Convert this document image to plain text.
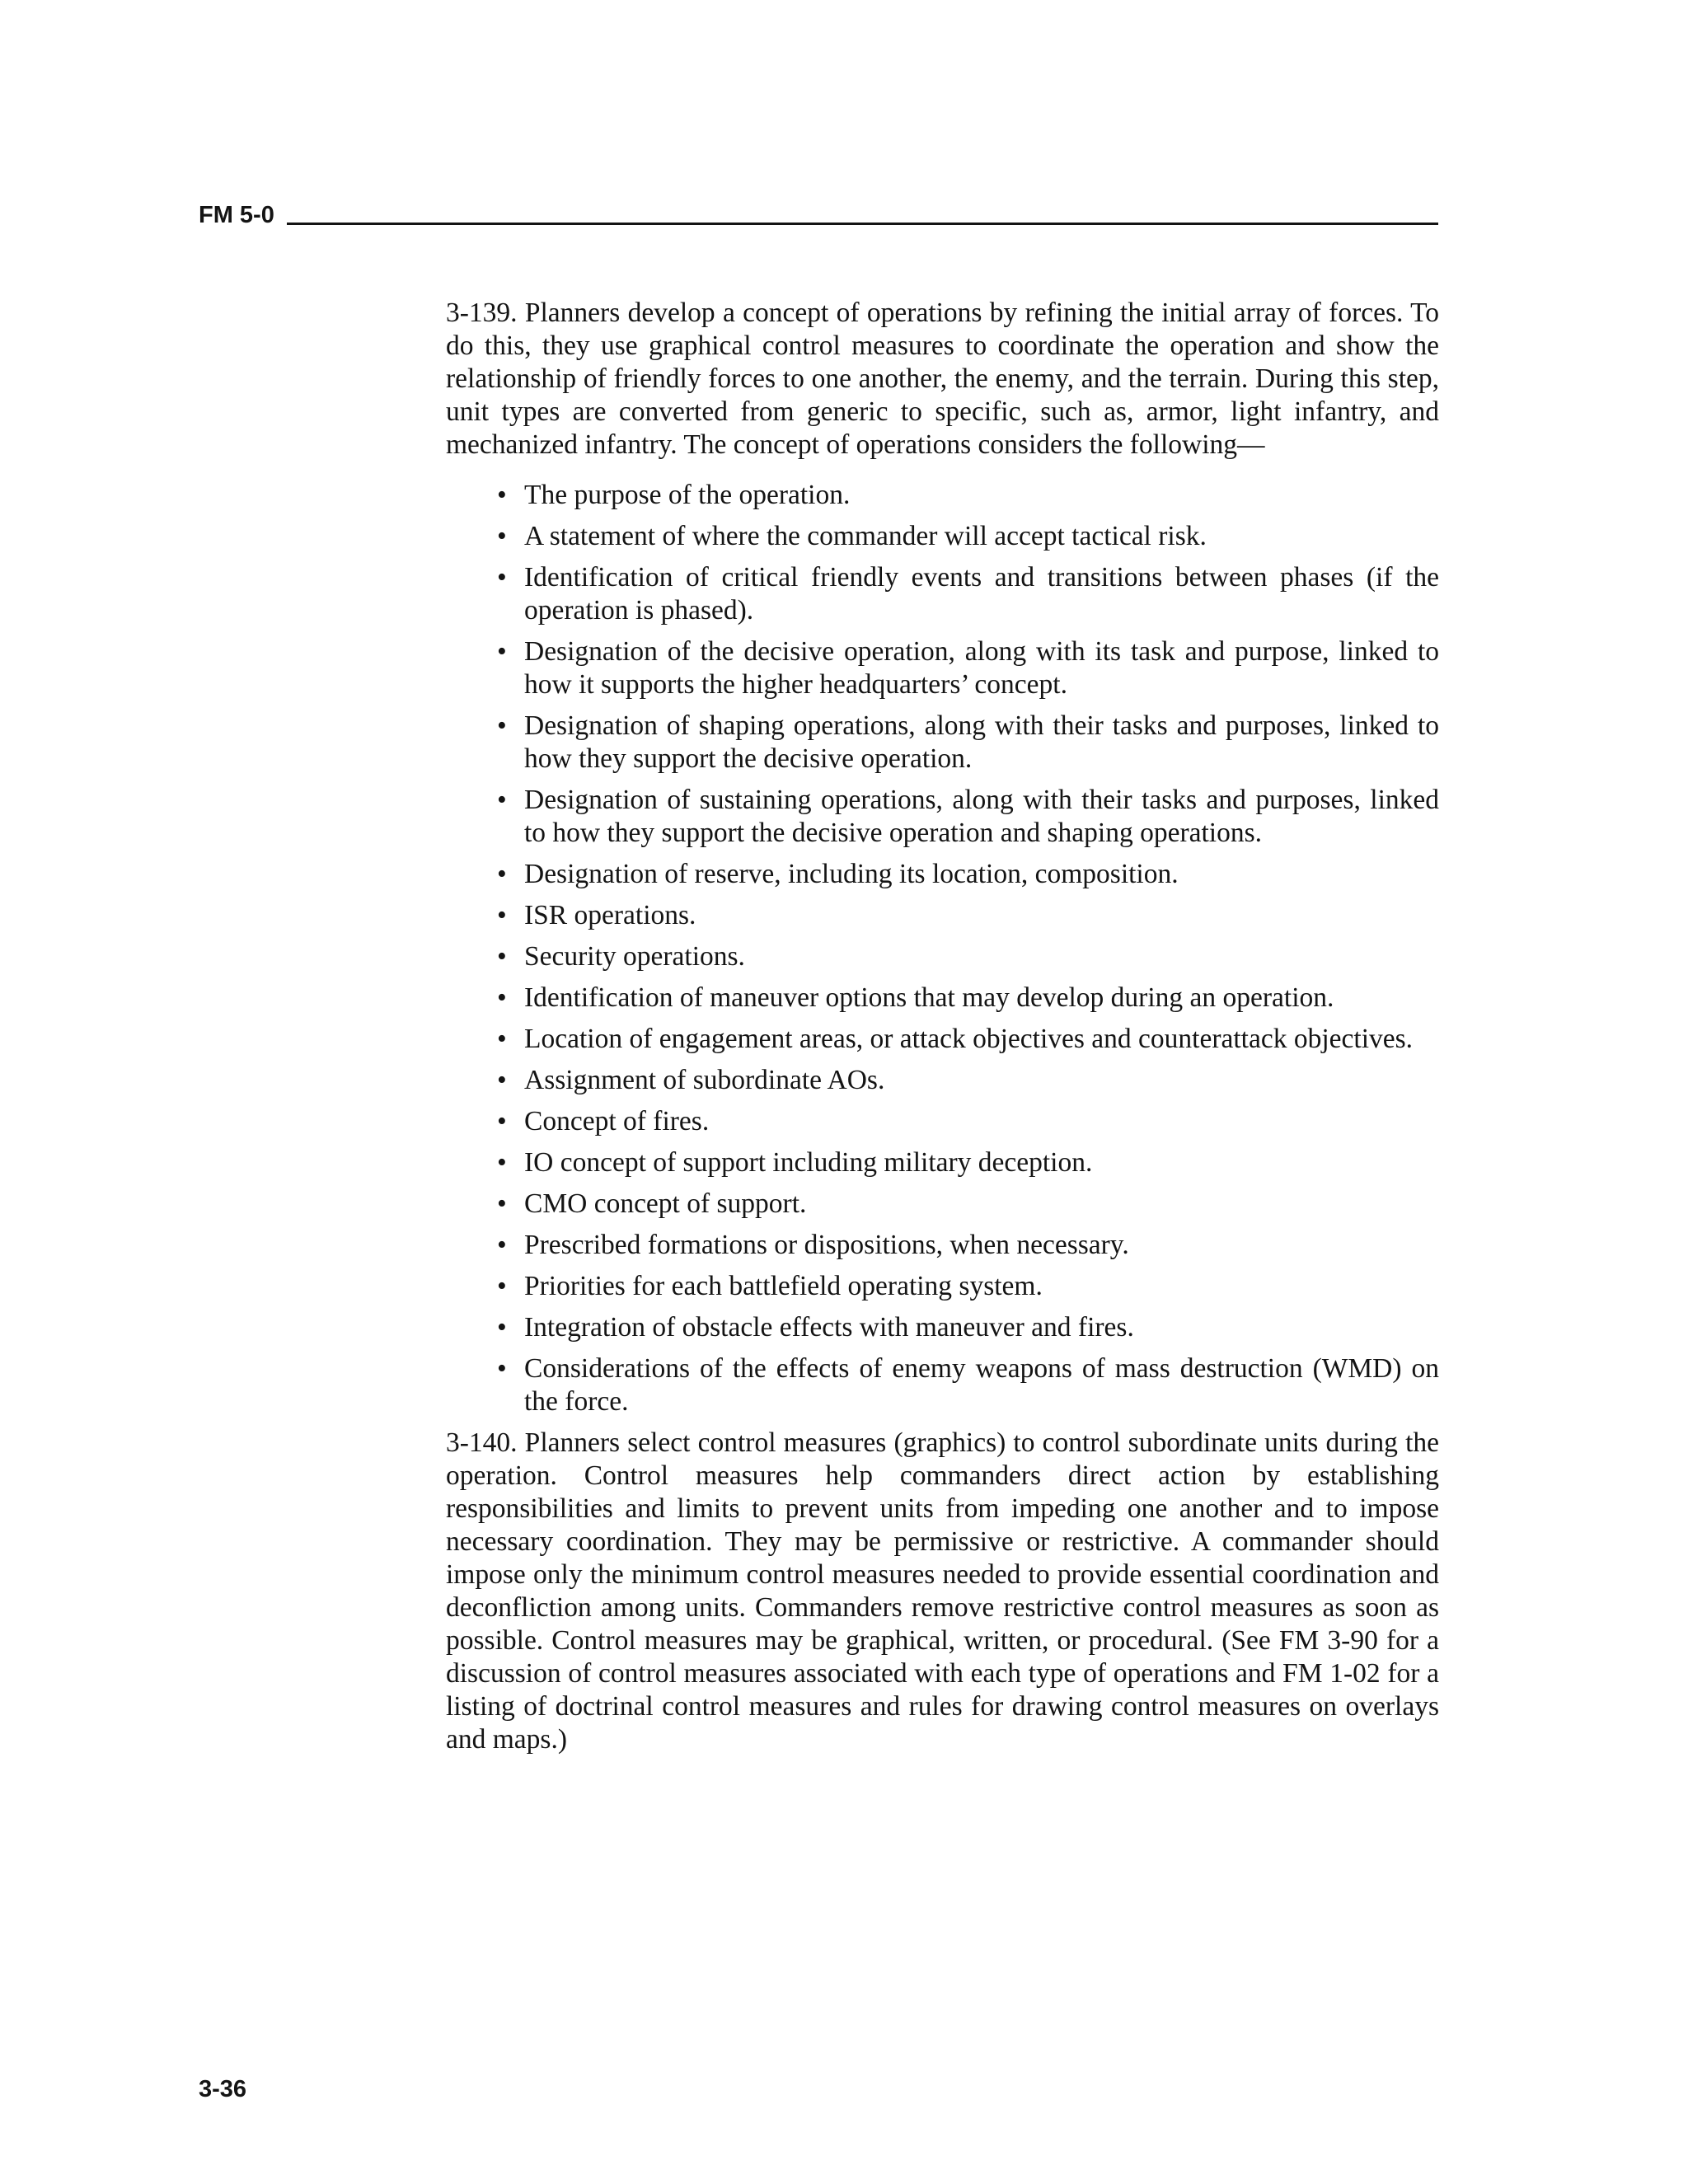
FM 5-0

3-139. Planners develop a concept of operations by refining the initial array of forces. To do this, they use graphical control measures to coordinate the operation and show the relationship of friendly forces to one another, the enemy, and the terrain. During this step, unit types are converted from generic to specific, such as, armor, light infantry, and mechanized infantry. The concept of operations considers the following—

• The purpose of the operation.
• A statement of where the commander will accept tactical risk.
• Identification of critical friendly events and transitions between phases (if the operation is phased).
• Designation of the decisive operation, along with its task and purpose, linked to how it supports the higher headquarters’ concept.
• Designation of shaping operations, along with their tasks and purposes, linked to how they support the decisive operation.
• Designation of sustaining operations, along with their tasks and purposes, linked to how they support the decisive operation and shaping operations.
• Designation of reserve, including its location, composition.
• ISR operations.
• Security operations.
• Identification of maneuver options that may develop during an operation.
• Location of engagement areas, or attack objectives and counterattack objectives.
• Assignment of subordinate AOs.
• Concept of fires.
• IO concept of support including military deception.
• CMO concept of support.
• Prescribed formations or dispositions, when necessary.
• Priorities for each battlefield operating system.
• Integration of obstacle effects with maneuver and fires.
• Considerations of the effects of enemy weapons of mass destruction (WMD) on the force.

3-140. Planners select control measures (graphics) to control subordinate units during the operation. Control measures help commanders direct action by establishing responsibilities and limits to prevent units from impeding one another and to impose necessary coordination. They may be permissive or restrictive. A commander should impose only the minimum control measures needed to provide essential coordination and deconfliction among units. Commanders remove restrictive control measures as soon as possible. Control measures may be graphical, written, or procedural. (See FM 3-90 for a discussion of control measures associated with each type of operations and FM 1-02 for a listing of doctrinal control measures and rules for drawing control measures on overlays and maps.)

3-36
